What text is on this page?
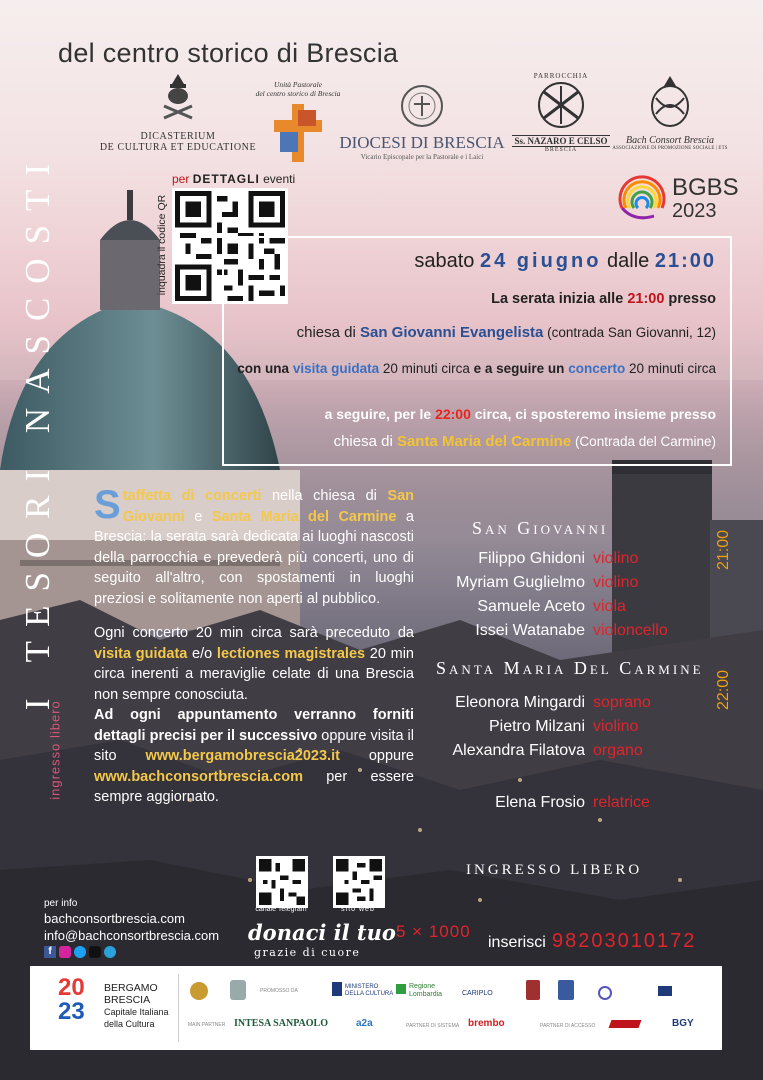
del centro storico di Brescia
I TESORI NASCOSTI
DICASTERIUM
DE CULTURA ET EDUCATIONE
Unità Pastorale
del centro storico di Brescia
DIOCESI DI BRESCIA
Vicario Episcopale per la Pastorale e i Laici
PARROCCHIA
Ss. NAZARO E CELSO
BRESCIA
Bach Consort Brescia
ASSOCIAZIONE DI PROMOZIONE SOCIALE | ETS
BGBS
2023
per DETTAGLI eventi
inquadra il codice QR	sabato 24 giugno dalle 21:00
La serata inizia alle 21:00 presso
chiesa di San Giovanni Evangelista (contrada San Giovanni, 12)
con una visita guidata 20 minuti circa e a seguire un concerto 20 minuti circa
a seguire, per le 22:00 circa, ci sposteremo insieme presso
chiesa di Santa Maria del Carmine (Contrada del Carmine)
ingresso libero

Staffetta di concerti nella chiesa di San Giovanni e Santa Maria del Carmine a Brescia: la serata sarà dedicata ai luoghi nascosti della parrocchia e prevederà più concerti, uno di seguito all'altro, con spostamenti in luoghi preziosi e solitamente non aperti al pubblico.

Ogni concerto 20 min circa sarà preceduto da visita guidata e/o lectiones magistrales 20 min circa inerenti a meraviglie celate di una Brescia non sempre conosciuta.

Ad ogni appuntamento verranno forniti dettagli precisi per il successivo oppure visita il sito www.bergamobrescia2023.it oppure www.bachconsortbrescia.com per essere sempre aggiornato.

San Giovanni
21:00
Filippo Ghidoni violino
Myriam Guglielmo violino
Samuele Aceto viola
Issei Watanabe violoncello
Santa Maria Del Carmine
22:00
Eleonora Mingardi soprano
Pietro Milzani violino
Alexandra Filatova organo
Elena Frosio relatrice
INGRESSO LIBERO
per info
bachconsortbrescia.com
info@bachconsortbrescia.com
f
canale Telegram	sito web
donaci il tuo
grazie di cuore
5 × 1000
inserisci 98203010172
20
23
BERGAMO
BRESCIA
Capitale Italiana
della Cultura
PROMOSSO DA
MINISTERO DELLA CULTURA
Regione Lombardia	CARIPLO
MAIN PARTNER INTESA SANPAOLO	a2a	PARTNER DI SISTEMA brembo	PARTNER DI ACCESSO	BGY
